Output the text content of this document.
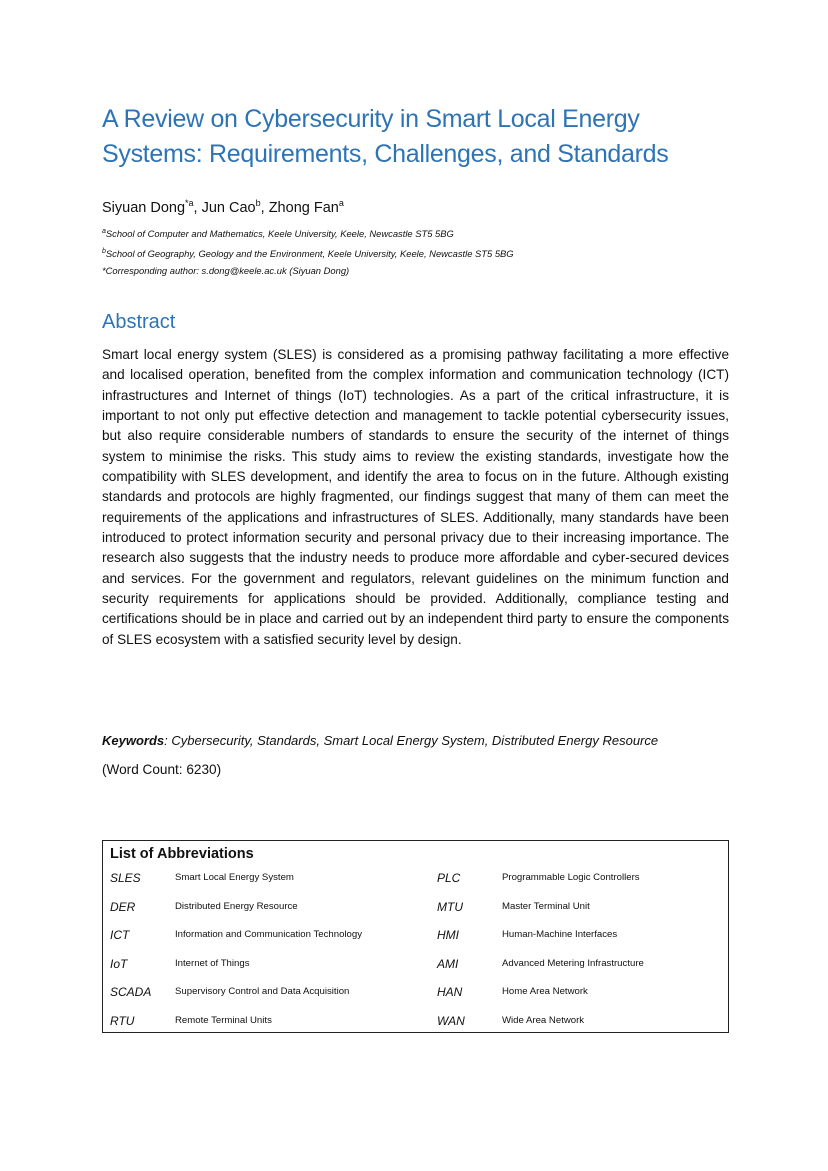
A Review on Cybersecurity in Smart Local Energy Systems: Requirements, Challenges, and Standards

Siyuan Dong$^{*a}$, Jun Cao$^b$, Zhong Fan$^a$

$^a$School of Computer and Mathematics, Keele University, Keele, Newcastle ST5 5BG
$^b$School of Geography, Geology and the Environment, Keele University, Keele, Newcastle ST5 5BG
*Corresponding author: s.dong@keele.ac.uk (Siyuan Dong)
Abstract

Smart local energy system (SLES) is considered as a promising pathway facilitating a more effective and localised operation, benefited from the complex information and communication technology (ICT) infrastructures and Internet of things (IoT) technologies. As a part of the critical infrastructure, it is important to not only put effective detection and management to tackle potential cybersecurity issues, but also require considerable numbers of standards to ensure the security of the internet of things system to minimise the risks. This study aims to review the existing standards, investigate how the compatibility with SLES development, and identify the area to focus on in the future. Although existing standards and protocols are highly fragmented, our findings suggest that many of them can meet the requirements of the applications and infrastructures of SLES. Additionally, many standards have been introduced to protect information security and personal privacy due to their increasing importance. The research also suggests that the industry needs to produce more affordable and cyber-secured devices and services. For the government and regulators, relevant guidelines on the minimum function and security requirements for applications should be provided. Additionally, compliance testing and certifications should be in place and carried out by an independent third party to ensure the components of SLES ecosystem with a satisfied security level by design.

Keywords: Cybersecurity, Standards, Smart Local Energy System, Distributed Energy Resource

(Word Count: 6230)

List of Abbreviations

SLES	Smart Local Energy System	PLC	Programmable Logic Controllers
DER	Distributed Energy Resource	MTU	Master Terminal Unit
ICT	Information and Communication Technology	HMI	Human-Machine Interfaces
IoT	Internet of Things	AMI	Advanced Metering Infrastructure
SCADA Supervisory Control and Data Acquisition	HAN	Home Area Network
RTU	Remote Terminal Units	WAN	Wide Area Network
